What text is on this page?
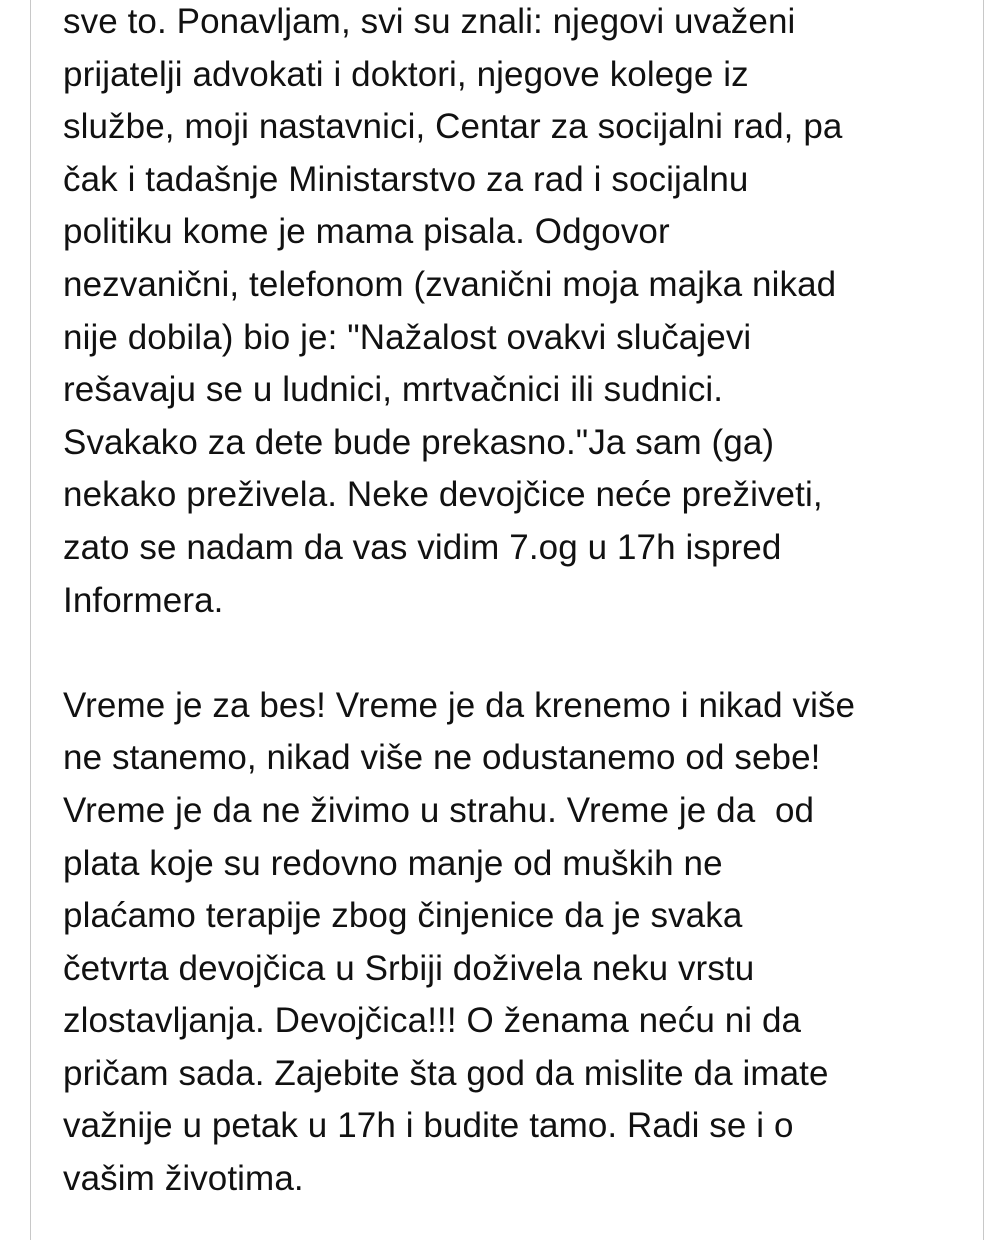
sve to. Ponavljam, svi su znali: njegovi uvaženi
prijatelji advokati i doktori, njegove kolege iz
službe, moji nastavnici, Centar za socijalni rad, pa
čak i tadašnje Ministarstvo za rad i socijalnu
politiku kome je mama pisala. Odgovor
nezvanični, telefonom (zvanični moja majka nikad
nije dobila) bio je: "Nažalost ovakvi slučajevi
rešavaju se u ludnici, mrtvačnici ili sudnici.
Svakako za dete bude prekasno."Ja sam (ga)
nekako preživela. Neke devojčice neće preživeti,
zato se nadam da vas vidim 7.og u 17h ispred
Informera.
Vreme je za bes! Vreme je da krenemo i nikad više
ne stanemo, nikad više ne odustanemo od sebe!
Vreme je da ne živimo u strahu. Vreme je da  od
plata koje su redovno manje od muških ne
plaćamo terapije zbog činjenice da je svaka
četvrta devojčica u Srbiji doživela neku vrstu
zlostavljanja. Devojčica!!! O ženama neću ni da
pričam sada. Zajebite šta god da mislite da imate
važnije u petak u 17h i budite tamo. Radi se i o
vašim životima.
